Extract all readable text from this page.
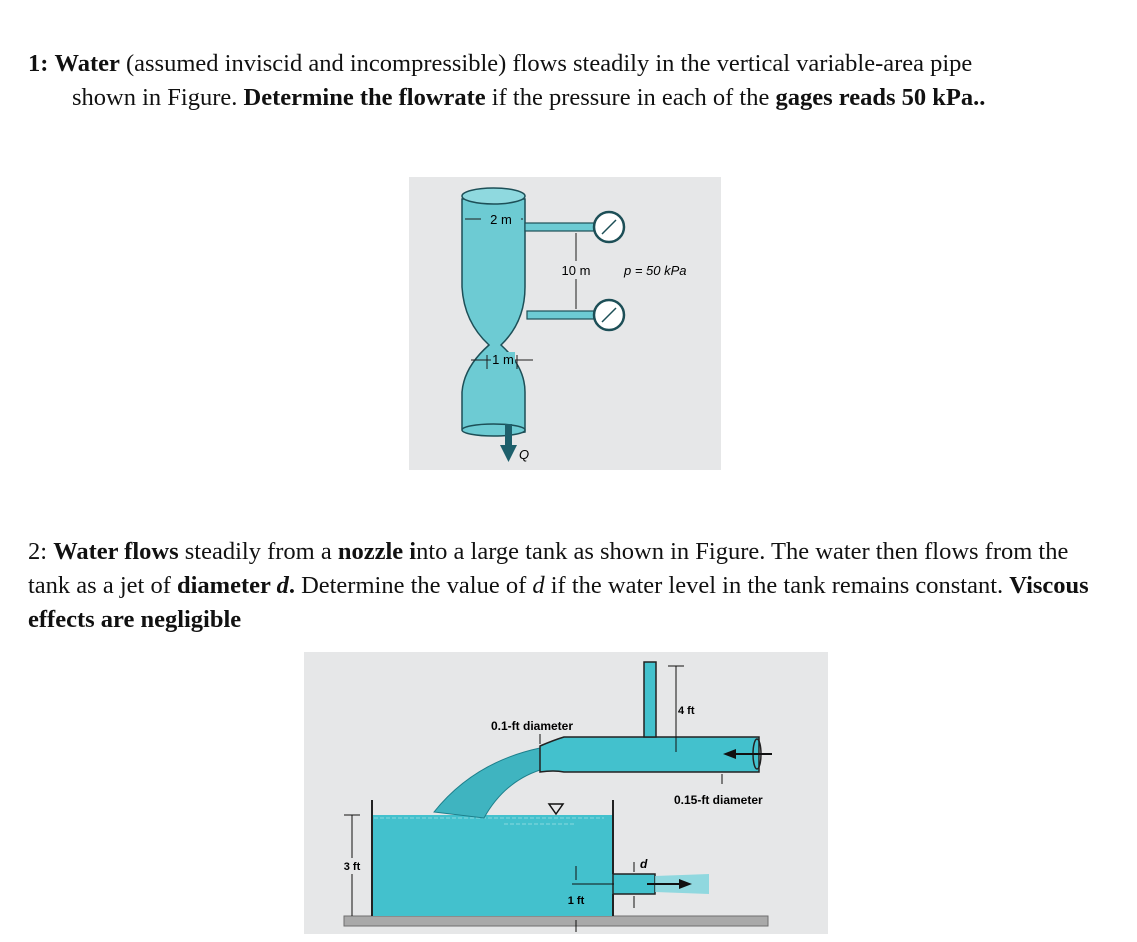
1: Water (assumed inviscid and incompressible) flows steadily in the vertical variable-area pipe
shown in Figure. Determine the flowrate if the pressure in each of the gages reads 50 kPa..
2 m
10 m	p = 50 kPa
1 m
Q
2: Water flows steadily from a nozzle into a large tank as shown in Figure. The water then flows from the tank as a jet of diameter d. Determine the value of d if the water level in the tank remains constant. Viscous effects are negligible
4 ft
0.1-ft diameter
0.15-ft diameter
3 ft
1 ft
d
